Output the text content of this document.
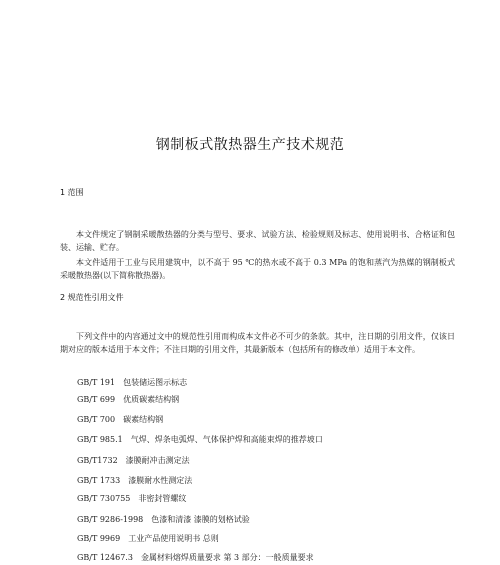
钢制板式散热器生产技术规范
1 范围
本文件规定了钢制采暖散热器的分类与型号、要求、试验方法、检验规则及标志、使用说明书、合格证和包装、运输、贮存。
本文件适用于工业与民用建筑中，以不高于 95 ℃的热水或不高于 0.3 MPa 的饱和蒸汽为热媒的钢制板式采暖散热器(以下简称散热器)。
2 规范性引用文件
下列文件中的内容通过文中的规范性引用而构成本文件必不可少的条款。其中，注日期的引用文件，仅该日期对应的版本适用于本文件；不注日期的引用文件，其最新版本（包括所有的修改单）适用于本文件。
GB/T 191 包装储运图示标志
GB/T 699 优质碳素结构钢
GB/T 700 碳素结构钢
GB/T 985.1 气焊、焊条电弧焊、气体保护焊和高能束焊的推荐坡口
GB/T1732 漆膜耐冲击测定法
GB/T 1733 漆膜耐水性测定法
GB/T 730755 非密封管螺纹
GB/T 9286-1998 色漆和清漆 漆膜的划格试验
GB/T 9969 工业产品使用说明书 总则
GB/T 12467.3 金属材料熔焊质量要求 第 3 部分：一般质量要求
